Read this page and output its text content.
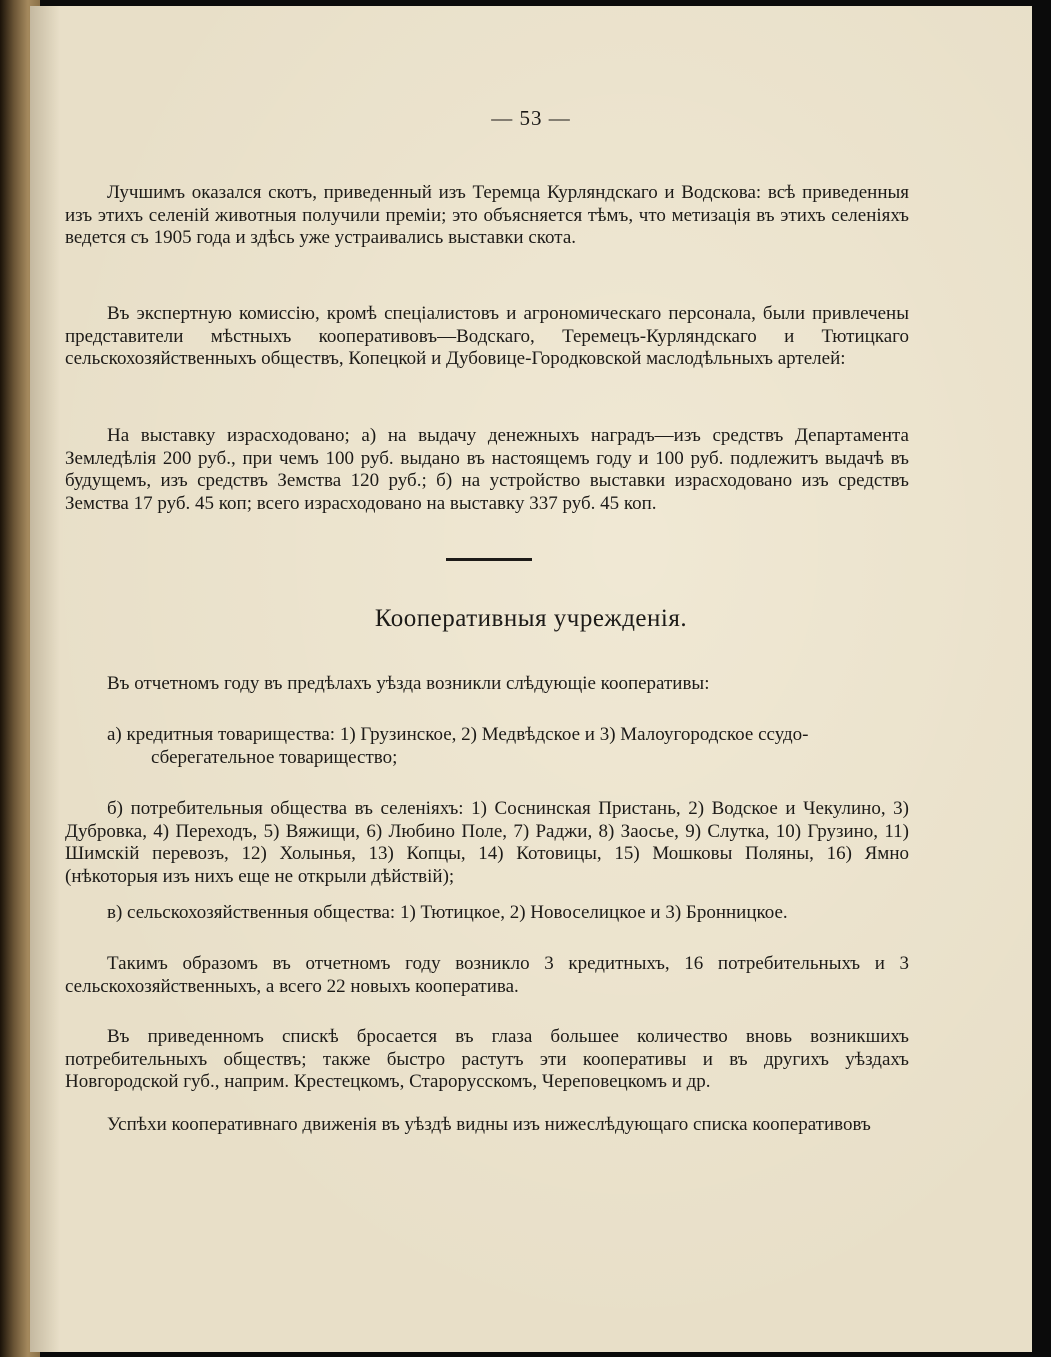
— 53 —
Лучшимъ оказался скотъ, приведенный изъ Теремца Курляндскаго и Водскова: всѣ приведенныя изъ этихъ селеній животныя получили преміи; это объясняется тѣмъ, что метизація въ этихъ селеніяхъ ведется съ 1905 года и здѣсь уже устраивались выставки скота.
Въ экспертную комиссію, кромѣ спеціалистовъ и агрономическаго персонала, были привлечены представители мѣстныхъ кооперативовъ—Водскаго, Теремецъ-Курляндскаго и Тютицкаго сельскохозяйственныхъ обществъ, Копецкой и Дубовице-Городковской маслодѣльныхъ артелей:
На выставку израсходовано; а) на выдачу денежныхъ наградъ—изъ средствъ Департамента Земледѣлія 200 руб., при чемъ 100 руб. выдано въ настоящемъ году и 100 руб. подлежитъ выдачѣ въ будущемъ, изъ средствъ Земства 120 руб.; б) на устройство выставки израсходовано изъ средствъ Земства 17 руб. 45 коп; всего израсходовано на выставку 337 руб. 45 коп.
Кооперативныя учрежденія.
Въ отчетномъ году въ предѣлахъ уѣзда возникли слѣдующіе кооперативы:
а) кредитныя товарищества: 1) Грузинское, 2) Медвѣдское и 3) Малоугородское ссудо-
сберегательное товарищество;
б) потребительныя общества въ селеніяхъ: 1) Соснинская Пристань, 2) Водское и Чекулино, 3) Дубровка, 4) Переходъ, 5) Вяжищи, 6) Любино Поле, 7) Раджи, 8) Заосье, 9) Слутка, 10) Грузино, 11) Шимскій перевозъ, 12) Холынья, 13) Копцы, 14) Котовицы, 15) Мошковы Поляны, 16) Ямно (нѣкоторыя изъ нихъ еще не открыли дѣйствій);
в) сельскохозяйственныя общества: 1) Тютицкое, 2) Новоселицкое и 3) Бронницкое.
Такимъ образомъ въ отчетномъ году возникло 3 кредитныхъ, 16 потребительныхъ и 3 сельскохозяйственныхъ, а всего 22 новыхъ кооператива.
Въ приведенномъ спискѣ бросается въ глаза большее количество вновь возникшихъ потребительныхъ обществъ; также быстро растутъ эти кооперативы и въ другихъ уѣздахъ Новгородской губ., наприм. Крестецкомъ, Старорусскомъ, Череповецкомъ и др.
Успѣхи кооперативнаго движенія въ уѣздѣ видны изъ нижеслѣдующаго списка кооперативовъ
